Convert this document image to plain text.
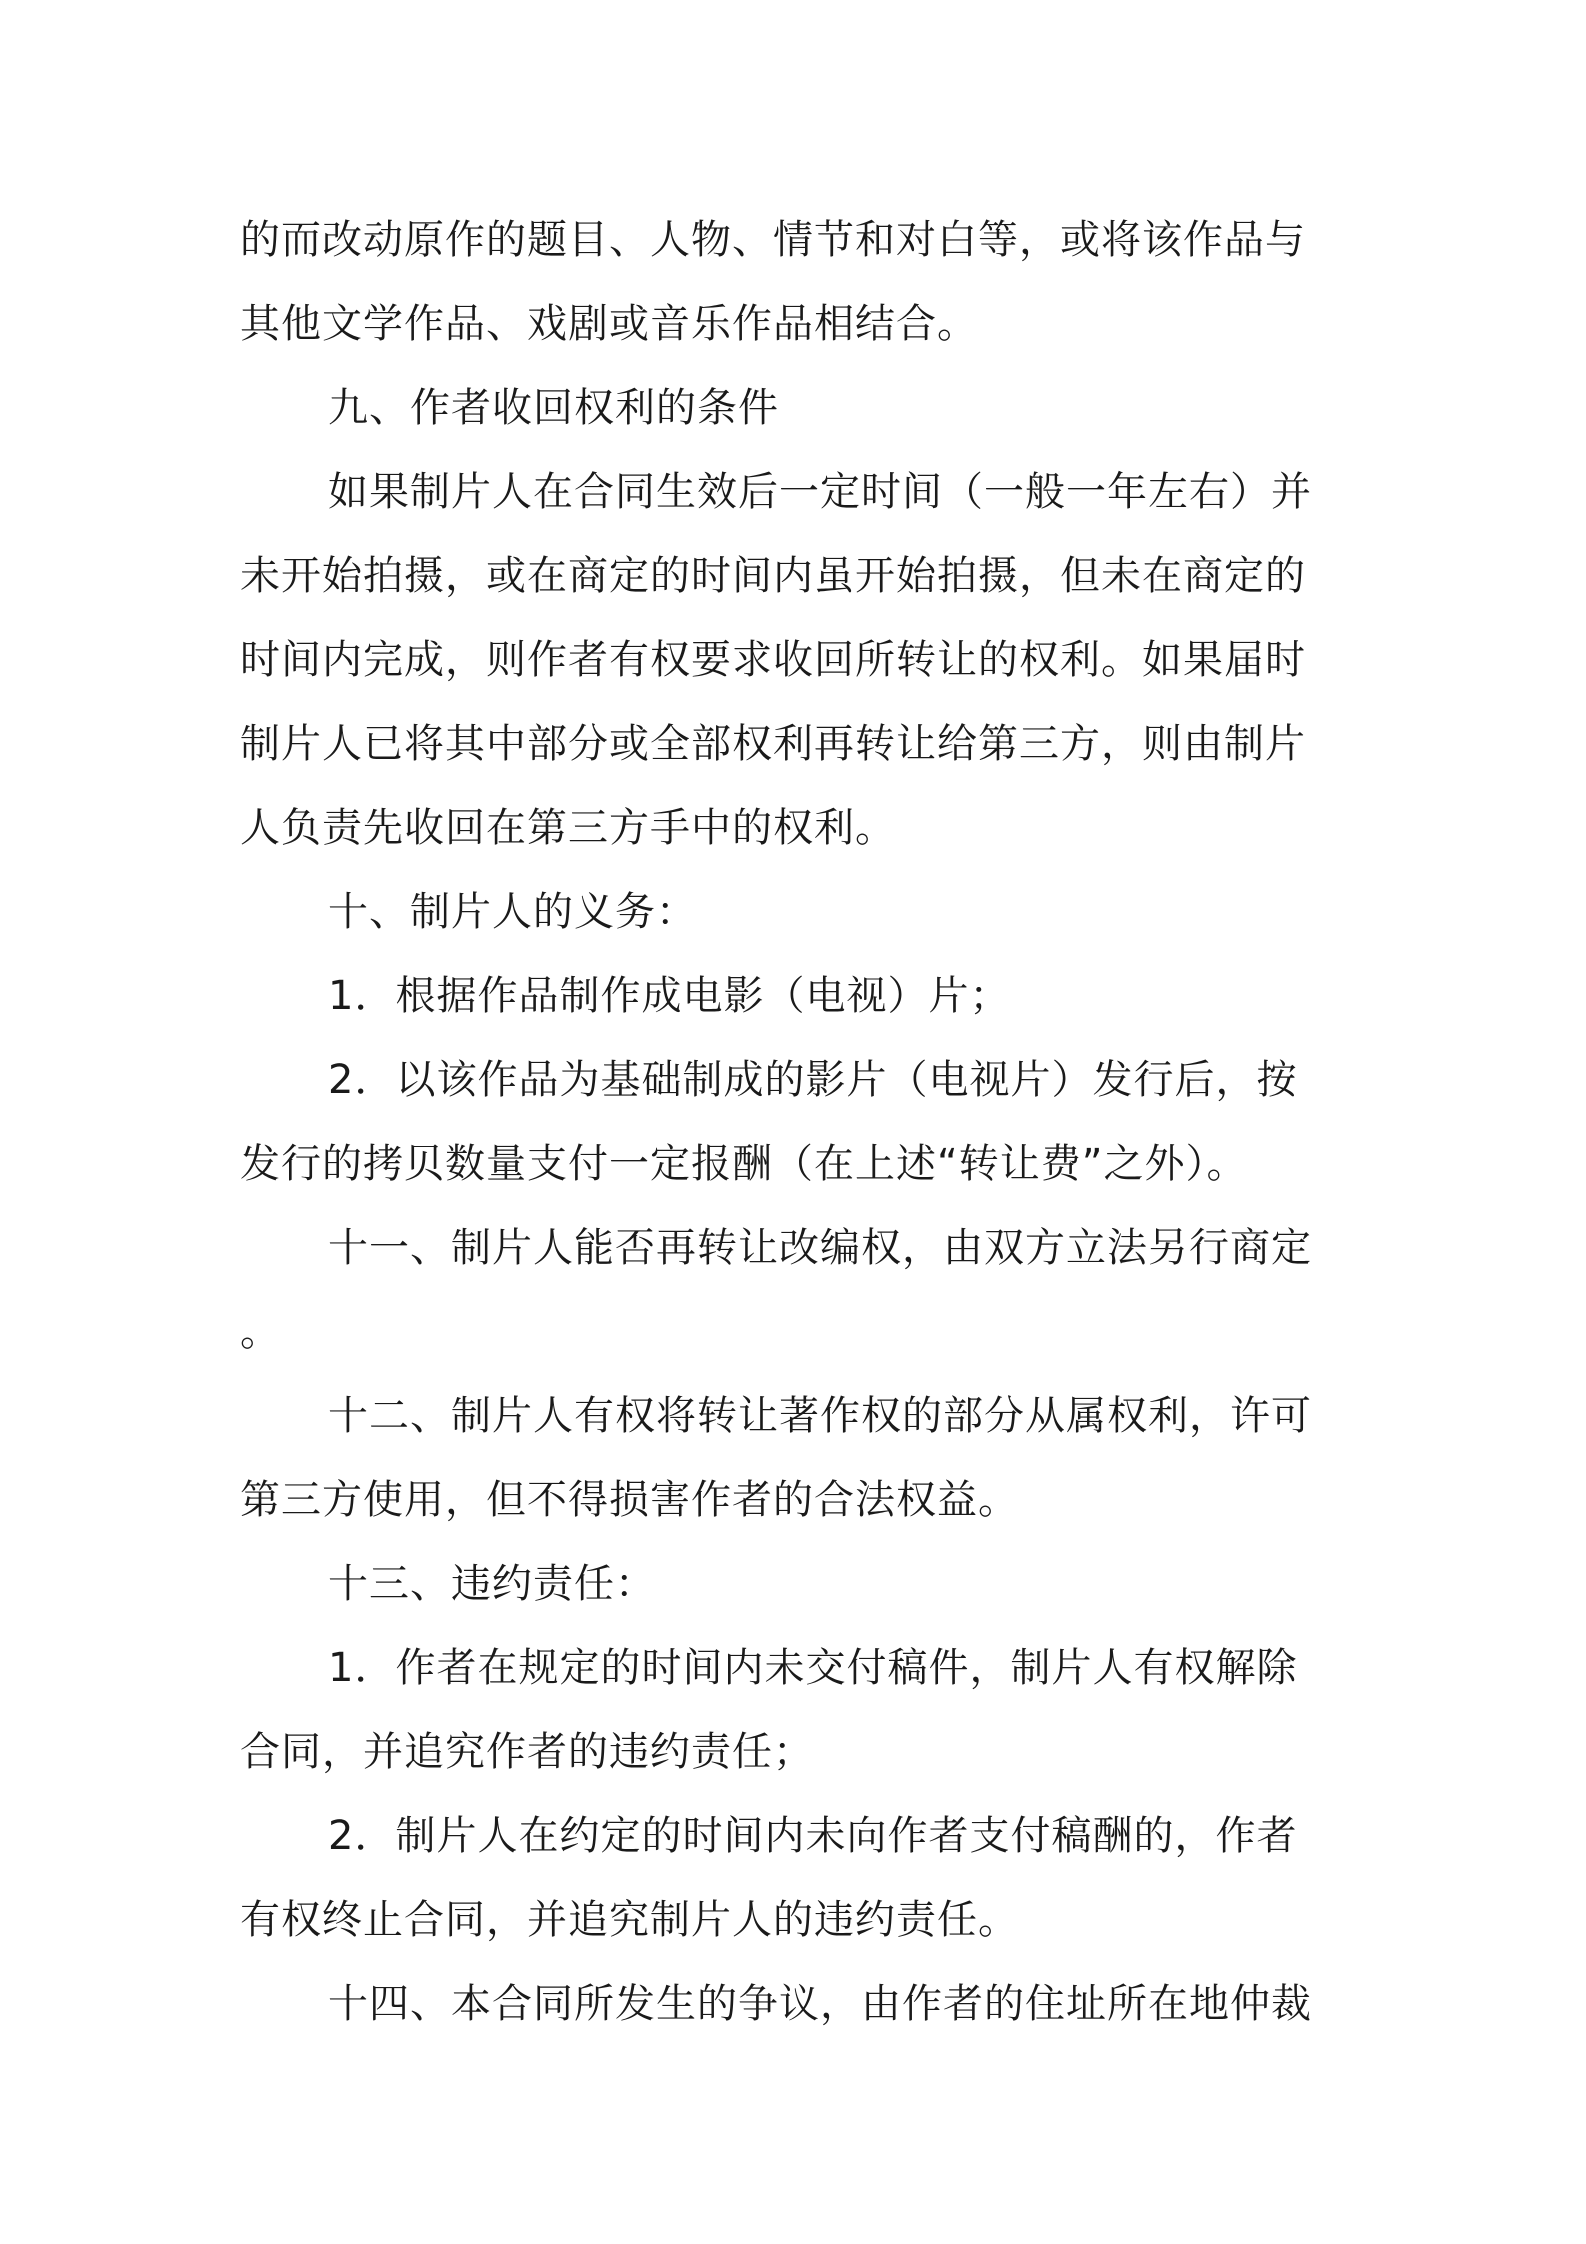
的而改动原作的题目、人物、情节和对白等，或将该作品与
其他文学作品、戏剧或音乐作品相结合。
九、作者收回权利的条件
如果制片人在合同生效后一定时间（一般一年左右）并
未开始拍摄，或在商定的时间内虽开始拍摄，但未在商定的
时间内完成，则作者有权要求收回所转让的权利。如果届时
制片人已将其中部分或全部权利再转让给第三方，则由制片
人负责先收回在第三方手中的权利。
十、制片人的义务：
1．根据作品制作成电影（电视）片；
2．以该作品为基础制成的影片（电视片）发行后，按
发行的拷贝数量支付一定报酬（在上述“转让费”之外）。
十一、制片人能否再转让改编权，由双方立法另行商定
。
十二、制片人有权将转让著作权的部分从属权利，许可
第三方使用，但不得损害作者的合法权益。
十三、违约责任：
1．作者在规定的时间内未交付稿件，制片人有权解除
合同，并追究作者的违约责任；
2．制片人在约定的时间内未向作者支付稿酬的，作者
有权终止合同，并追究制片人的违约责任。
十四、本合同所发生的争议，由作者的住址所在地仲裁
